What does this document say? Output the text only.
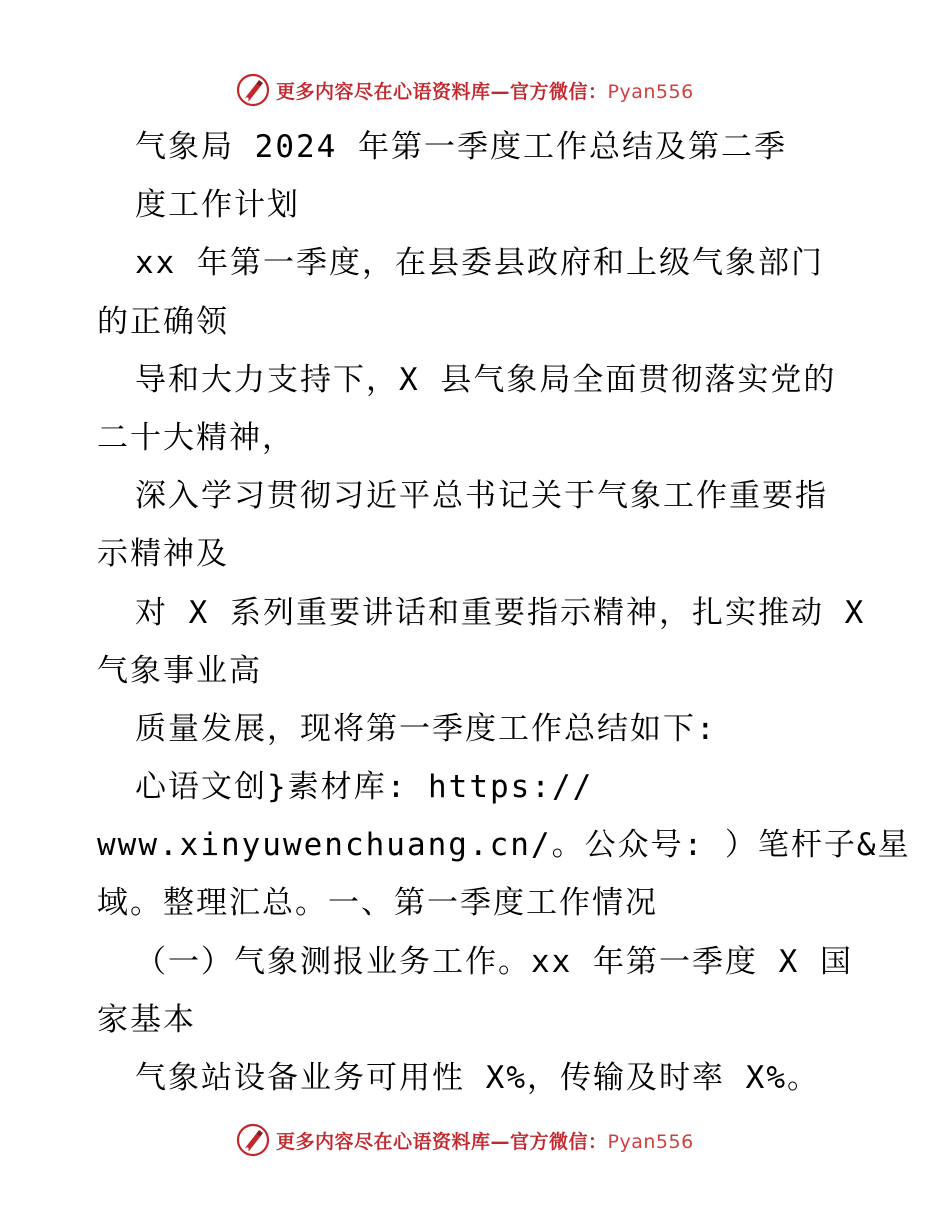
更多内容尽在心语资料库—官方微信：Pyan556
气象局 2024 年第一季度工作总结及第二季
度工作计划
xx 年第一季度，在县委县政府和上级气象部门
的正确领
导和大力支持下，X 县气象局全面贯彻落实党的
二十大精神，
深入学习贯彻习近平总书记关于气象工作重要指
示精神及
对 X 系列重要讲话和重要指示精神，扎实推动 X
气象事业高
质量发展，现将第一季度工作总结如下:
心语文创}素材库: https://
www.xinyuwenchuang.cn/。公众号: ）笔杆子&星
域。整理汇总。一、第一季度工作情况
（一）气象测报业务工作。xx 年第一季度 X 国
家基本
气象站设备业务可用性 X%，传输及时率 X%。
更多内容尽在心语资料库—官方微信：Pyan556
